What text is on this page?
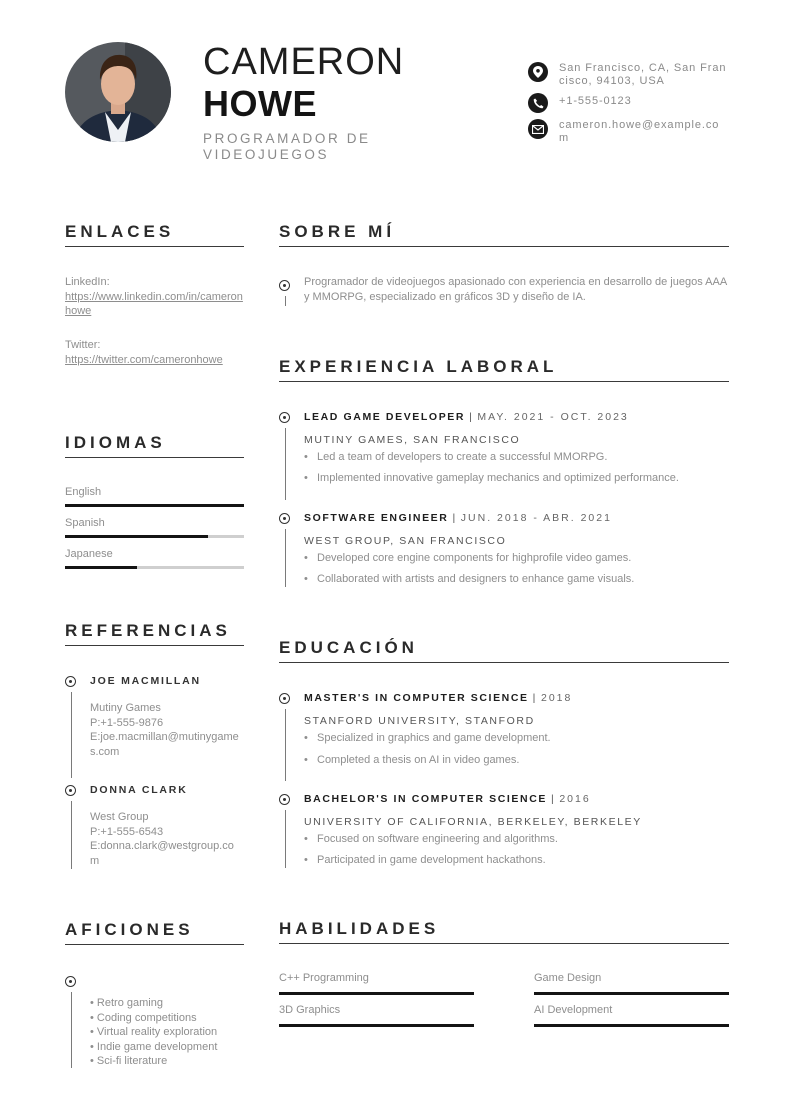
CAMERON
HOWE
PROGRAMADOR DE VIDEOJUEGOS
San Francisco, CA, San Francisco, 94103, USA
+1-555-0123
cameron.howe@example.com
ENLACES
LinkedIn:
https://www.linkedin.com/in/cameronhowe
Twitter:
https://twitter.com/cameronhowe
IDIOMAS
English
Spanish
Japanese
REFERENCIAS
JOE MACMILLAN
Mutiny Games
P:+1-555-9876
E:joe.macmillan@mutinygames.com
DONNA CLARK
West Group
P:+1-555-6543
E:donna.clark@westgroup.com
AFICIONES
• Retro gaming
• Coding competitions
• Virtual reality exploration
• Indie game development
• Sci-fi literature
SOBRE MÍ
Programador de videojuegos apasionado con experiencia en desarrollo de juegos AAA y MMORPG, especializado en gráficos 3D y diseño de IA.
EXPERIENCIA LABORAL
LEAD GAME DEVELOPER | MAY. 2021 - OCT. 2023
MUTINY GAMES, SAN FRANCISCO
• Led a team of developers to create a successful MMORPG.
• Implemented innovative gameplay mechanics and optimized performance.
SOFTWARE ENGINEER | JUN. 2018 - ABR. 2021
WEST GROUP, SAN FRANCISCO
• Developed core engine components for highprofile video games.
• Collaborated with artists and designers to enhance game visuals.
EDUCACIÓN
MASTER'S IN COMPUTER SCIENCE | 2018
STANFORD UNIVERSITY, STANFORD
• Specialized in graphics and game development.
• Completed a thesis on AI in video games.
BACHELOR'S IN COMPUTER SCIENCE | 2016
UNIVERSITY OF CALIFORNIA, BERKELEY, BERKELEY
• Focused on software engineering and algorithms.
• Participated in game development hackathons.
HABILIDADES
C++ Programming	Game Design
3D Graphics	AI Development
